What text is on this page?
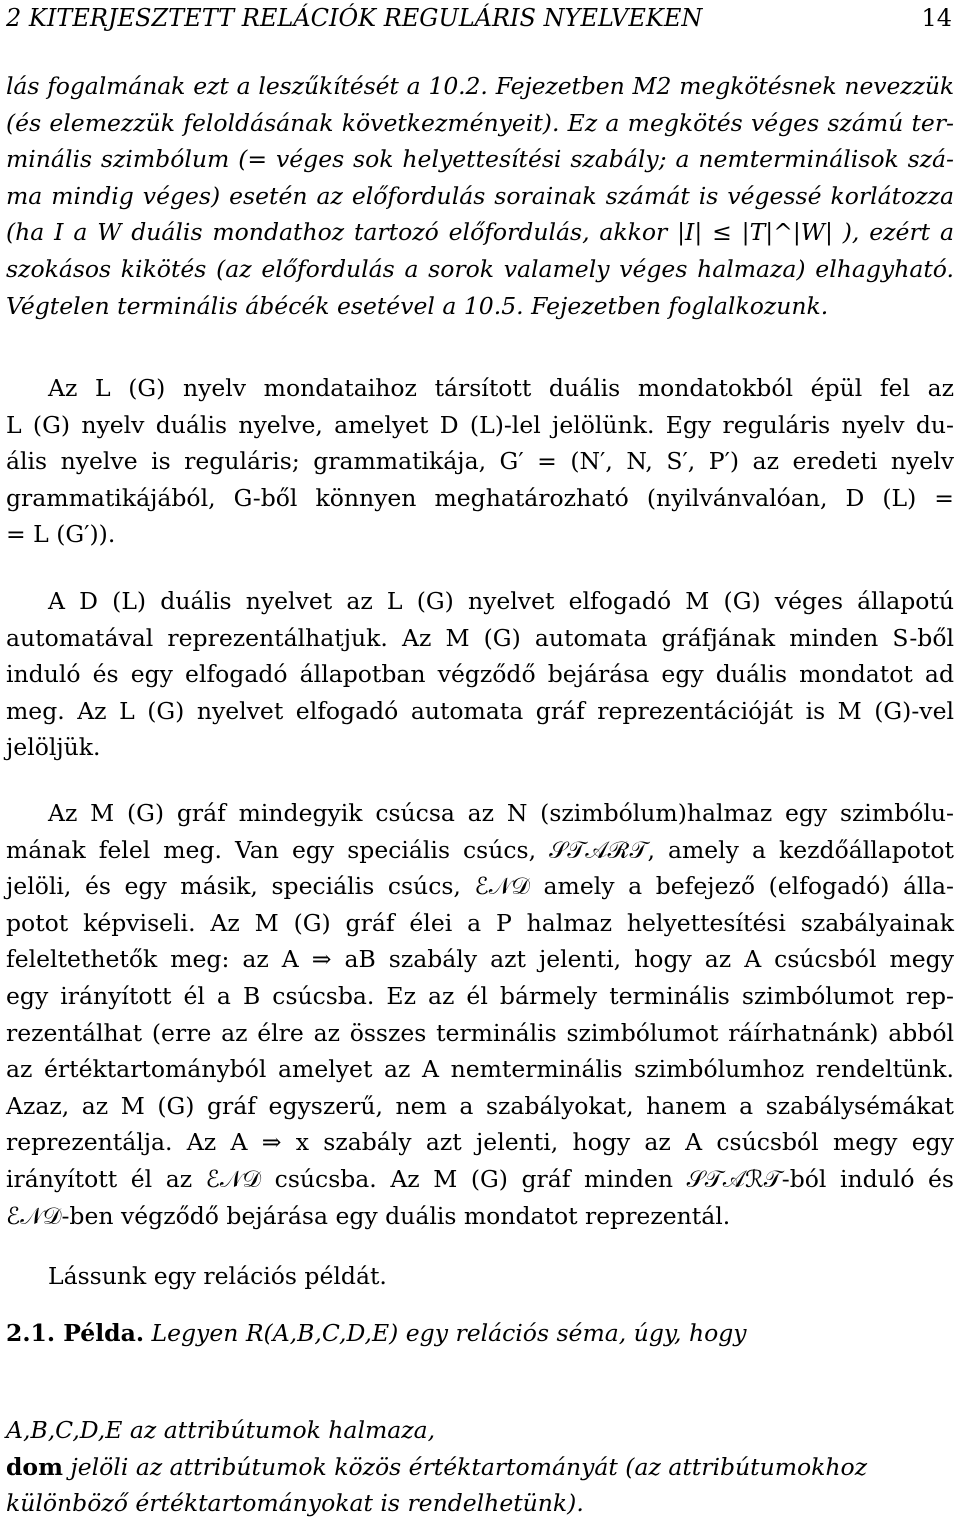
2 KITERJESZTETT RELÁCIÓK REGULÁRIS NYELVEKEN	14
lás fogalmának ezt a leszűkítését a 10.2. Fejezetben M2 megkötésnek nevezzük
(és elemezzük feloldásának következményeit). Ez a megkötés véges számú ter-
minális szimbólum (= véges sok helyettesítési szabály; a nemterminálisok szá-
ma mindig véges) esetén az előfordulás sorainak számát is végessé korlátozza
(ha I a W duális mondathoz tartozó előfordulás, akkor |I| ≤ |T|^|W| ), ezért a
szokásos kikötés (az előfordulás a sorok valamely véges halmaza) elhagyható.
Végtelen terminális ábécék esetével a 10.5. Fejezetben foglalkozunk.
Az L (G) nyelv mondataihoz társított duális mondatokból épül fel az
L (G) nyelv duális nyelve, amelyet D (L)-lel jelölünk. Egy reguláris nyelv du-
ális nyelve is reguláris; grammatikája, G′ = (N′, N, S′, P′) az eredeti nyelv
grammatikájából, G-ből könnyen meghatározható (nyilvánvalóan, D (L) =
= L (G′)).
A D (L) duális nyelvet az L (G) nyelvet elfogadó M (G) véges állapotú
automatával reprezentálhatjuk. Az M (G) automata gráfjának minden S-ből
induló és egy elfogadó állapotban végződő bejárása egy duális mondatot ad
meg. Az L (G) nyelvet elfogadó automata gráf reprezentációját is M (G)-vel
jelöljük.
Az M (G) gráf mindegyik csúcsa az N (szimbólum)halmaz egy szimbólu-
mának felel meg. Van egy speciális csúcs, 𝒮𝒯𝒜ℛ𝒯, amely a kezdőállapotot
jelöli, és egy másik, speciális csúcs, ℰ𝒩𝒟 amely a befejező (elfogadó) álla-
potot képviseli. Az M (G) gráf élei a P halmaz helyettesítési szabályainak
feleltethetők meg: az A ⇒ aB szabály azt jelenti, hogy az A csúcsból megy
egy irányított él a B csúcsba. Ez az él bármely terminális szimbólumot rep-
rezentálhat (erre az élre az összes terminális szimbólumot ráírhatnánk) abból
az értéktartományból amelyet az A nemterminális szimbólumhoz rendeltünk.
Azaz, az M (G) gráf egyszerű, nem a szabályokat, hanem a szabálysémákat
reprezentálja. Az A ⇒ x szabály azt jelenti, hogy az A csúcsból megy egy
irányított él az ℰ𝒩𝒟 csúcsba. Az M (G) gráf minden 𝒮𝒯𝒜ℛ𝒯-ból induló és
ℰ𝒩𝒟-ben végződő bejárása egy duális mondatot reprezentál.
Lássunk egy relációs példát.
2.1. Példa. Legyen R(A,B,C,D,E) egy relációs séma, úgy, hogy
A,B,C,D,E az attribútumok halmaza,
dom jelöli az attribútumok közös értéktartományát (az attribútumokhoz
különböző értéktartományokat is rendelhetünk).
